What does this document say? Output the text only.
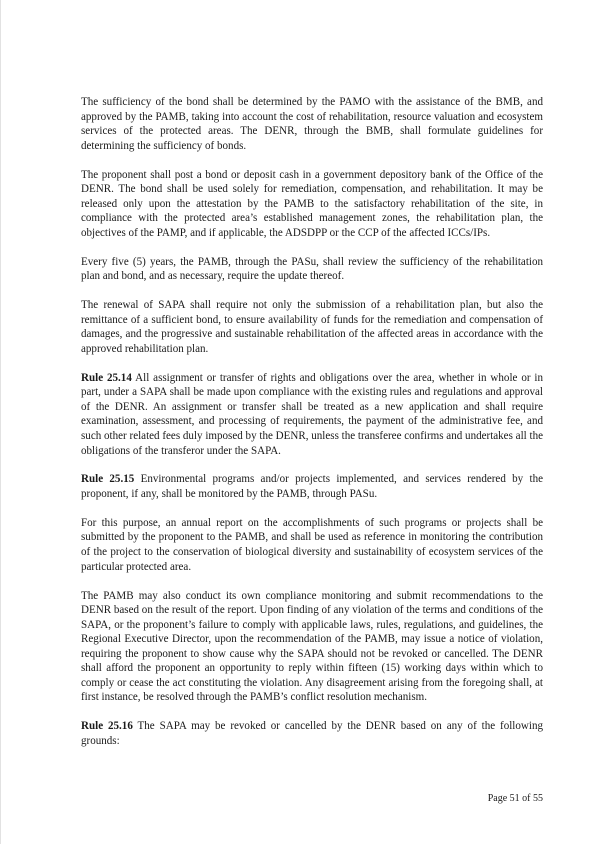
The sufficiency of the bond shall be determined by the PAMO with the assistance of the BMB, and approved by the PAMB, taking into account the cost of rehabilitation, resource valuation and ecosystem services of the protected areas. The DENR, through the BMB, shall formulate guidelines for determining the sufficiency of bonds.

The proponent shall post a bond or deposit cash in a government depository bank of the Office of the DENR. The bond shall be used solely for remediation, compensation, and rehabilitation. It may be released only upon the attestation by the PAMB to the satisfactory rehabilitation of the site, in compliance with the protected area’s established management zones, the rehabilitation plan, the objectives of the PAMP, and if applicable, the ADSDPP or the CCP of the affected ICCs/IPs.

Every five (5) years, the PAMB, through the PASu, shall review the sufficiency of the rehabilitation plan and bond, and as necessary, require the update thereof.

The renewal of SAPA shall require not only the submission of a rehabilitation plan, but also the remittance of a sufficient bond, to ensure availability of funds for the remediation and compensation of damages, and the progressive and sustainable rehabilitation of the affected areas in accordance with the approved rehabilitation plan.

Rule 25.14 All assignment or transfer of rights and obligations over the area, whether in whole or in part, under a SAPA shall be made upon compliance with the existing rules and regulations and approval of the DENR. An assignment or transfer shall be treated as a new application and shall require examination, assessment, and processing of requirements, the payment of the administrative fee, and such other related fees duly imposed by the DENR, unless the transferee confirms and undertakes all the obligations of the transferor under the SAPA.

Rule 25.15 Environmental programs and/or projects implemented, and services rendered by the proponent, if any, shall be monitored by the PAMB, through PASu.

For this purpose, an annual report on the accomplishments of such programs or projects shall be submitted by the proponent to the PAMB, and shall be used as reference in monitoring the contribution of the project to the conservation of biological diversity and sustainability of ecosystem services of the particular protected area.

The PAMB may also conduct its own compliance monitoring and submit recommendations to the DENR based on the result of the report. Upon finding of any violation of the terms and conditions of the SAPA, or the proponent’s failure to comply with applicable laws, rules, regulations, and guidelines, the Regional Executive Director, upon the recommendation of the PAMB, may issue a notice of violation, requiring the proponent to show cause why the SAPA should not be revoked or cancelled. The DENR shall afford the proponent an opportunity to reply within fifteen (15) working days within which to comply or cease the act constituting the violation. Any disagreement arising from the foregoing shall, at first instance, be resolved through the PAMB’s conflict resolution mechanism.

Rule 25.16 The SAPA may be revoked or cancelled by the DENR based on any of the following grounds:

Page 51 of 55
